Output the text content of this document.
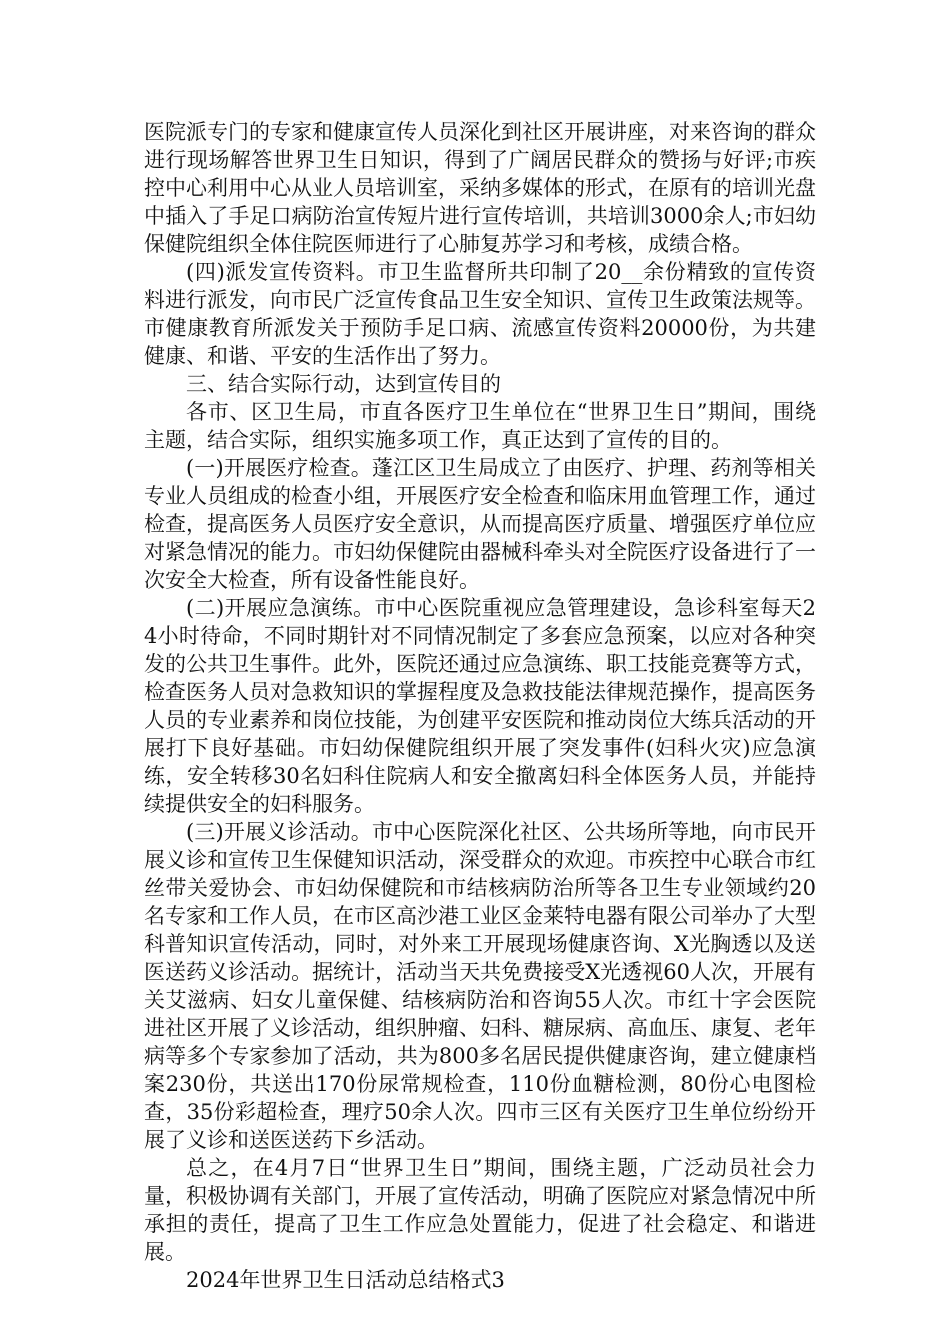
医院派专门的专家和健康宣传人员深化到社区开展讲座，对来咨询的群众进行现场解答世界卫生日知识，得到了广阔居民群众的赞扬与好评;市疾控中心利用中心从业人员培训室，采纳多媒体的形式，在原有的培训光盘中插入了手足口病防治宣传短片进行宣传培训，共培训3000余人;市妇幼保健院组织全体住院医师进行了心肺复苏学习和考核，成绩合格。

(四)派发宣传资料。市卫生监督所共印制了20__余份精致的宣传资料进行派发，向市民广泛宣传食品卫生安全知识、宣传卫生政策法规等。市健康教育所派发关于预防手足口病、流感宣传资料20000份，为共建健康、和谐、平安的生活作出了努力。

三、结合实际行动，达到宣传目的

各市、区卫生局，市直各医疗卫生单位在“世界卫生日”期间，围绕主题，结合实际，组织实施多项工作，真正达到了宣传的目的。

(一)开展医疗检查。蓬江区卫生局成立了由医疗、护理、药剂等相关专业人员组成的检查小组，开展医疗安全检查和临床用血管理工作，通过检查，提高医务人员医疗安全意识，从而提高医疗质量、增强医疗单位应对紧急情况的能力。市妇幼保健院由器械科牵头对全院医疗设备进行了一次安全大检查，所有设备性能良好。

(二)开展应急演练。市中心医院重视应急管理建设，急诊科室每天24小时待命，不同时期针对不同情况制定了多套应急预案，以应对各种突发的公共卫生事件。此外，医院还通过应急演练、职工技能竞赛等方式，检查医务人员对急救知识的掌握程度及急救技能法律规范操作，提高医务人员的专业素养和岗位技能，为创建平安医院和推动岗位大练兵活动的开展打下良好基础。市妇幼保健院组织开展了突发事件(妇科火灾)应急演练，安全转移30名妇科住院病人和安全撤离妇科全体医务人员，并能持续提供安全的妇科服务。

(三)开展义诊活动。市中心医院深化社区、公共场所等地，向市民开展义诊和宣传卫生保健知识活动，深受群众的欢迎。市疾控中心联合市红丝带关爱协会、市妇幼保健院和市结核病防治所等各卫生专业领域约20名专家和工作人员，在市区高沙港工业区金莱特电器有限公司举办了大型科普知识宣传活动，同时，对外来工开展现场健康咨询、X光胸透以及送医送药义诊活动。据统计，活动当天共免费接受X光透视60人次，开展有关艾滋病、妇女儿童保健、结核病防治和咨询55人次。市红十字会医院进社区开展了义诊活动，组织肿瘤、妇科、糖尿病、高血压、康复、老年病等多个专家参加了活动，共为800多名居民提供健康咨询，建立健康档案230份，共送出170份尿常规检查，110份血糖检测，80份心电图检查，35份彩超检查，理疗50余人次。四市三区有关医疗卫生单位纷纷开展了义诊和送医送药下乡活动。

总之，在4月7日“世界卫生日”期间，围绕主题，广泛动员社会力量，积极协调有关部门，开展了宣传活动，明确了医院应对紧急情况中所承担的责任，提高了卫生工作应急处置能力，促进了社会稳定、和谐进展。

2024年世界卫生日活动总结格式3
